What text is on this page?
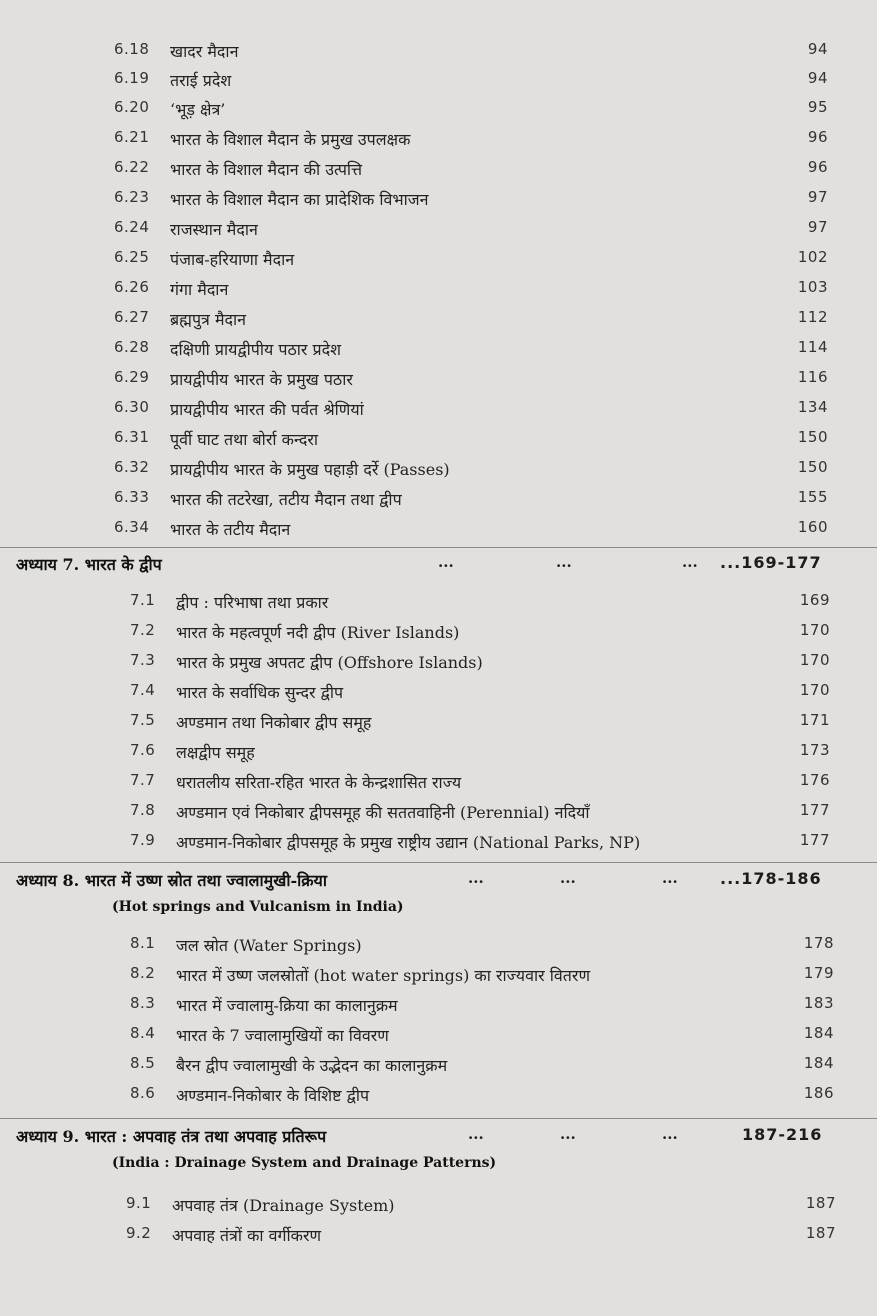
6.18 खादर मैदान	94
6.19 तराई प्रदेश	94
6.20 ‘भूड़ क्षेत्र’	95
6.21 भारत के विशाल मैदान के प्रमुख उपलक्षक	96
6.22 भारत के विशाल मैदान की उत्पत्ति	96
6.23 भारत के विशाल मैदान का प्रादेशिक विभाजन	97
6.24 राजस्थान मैदान	97
6.25 पंजाब-हरियाणा मैदान	102
6.26 गंगा मैदान	103
6.27 ब्रह्मपुत्र मैदान	112
6.28 दक्षिणी प्रायद्वीपीय पठार प्रदेश	114
6.29 प्रायद्वीपीय भारत के प्रमुख पठार	116
6.30 प्रायद्वीपीय भारत की पर्वत श्रेणियां	134
6.31 पूर्वी घाट तथा बोर्रा कन्दरा	150
6.32 प्रायद्वीपीय भारत के प्रमुख पहाड़ी दर्रे (Passes)	150
6.33 भारत की तटरेखा, तटीय मैदान तथा द्वीप	155
6.34 भारत के तटीय मैदान	160
अध्याय 7. भारत के द्वीप	...	...	... ...169-177
7.1 द्वीप : परिभाषा तथा प्रकार	169
7.2 भारत के महत्वपूर्ण नदी द्वीप (River Islands)	170
7.3 भारत के प्रमुख अपतट द्वीप (Offshore Islands)	170
7.4 भारत के सर्वाधिक सुन्दर द्वीप	170
7.5 अण्डमान तथा निकोबार द्वीप समूह	171
7.6 लक्षद्वीप समूह	173
7.7 धरातलीय सरिता-रहित भारत के केन्द्रशासित राज्य	176
7.8 अण्डमान एवं निकोबार द्वीपसमूह की सततवाहिनी (Perennial) नदियाँ	177
7.9 अण्डमान-निकोबार द्वीपसमूह के प्रमुख राष्ट्रीय उद्यान (National Parks, NP)	177
अध्याय 8. भारत में उष्ण स्रोत तथा ज्वालामुखी-क्रिया	...	...	...	...178-186
(Hot springs and Vulcanism in India)
8.1 जल स्रोत (Water Springs)	178
8.2 भारत में उष्ण जलस्रोतों (hot water springs) का राज्यवार वितरण	179
8.3 भारत में ज्वालामु-क्रिया का कालानुक्रम	183
8.4 भारत के 7 ज्वालामुखियों का विवरण	184
8.5 बैरन द्वीप ज्वालामुखी के उद्भेदन का कालानुक्रम	184
8.6 अण्डमान-निकोबार के विशिष्ट द्वीप	186
अध्याय 9. भारत : अपवाह तंत्र तथा अपवाह प्रतिरूप	...	...	...	187-216
(India : Drainage System and Drainage Patterns)
9.1 अपवाह तंत्र (Drainage System)	187
9.2 अपवाह तंत्रों का वर्गीकरण	187
